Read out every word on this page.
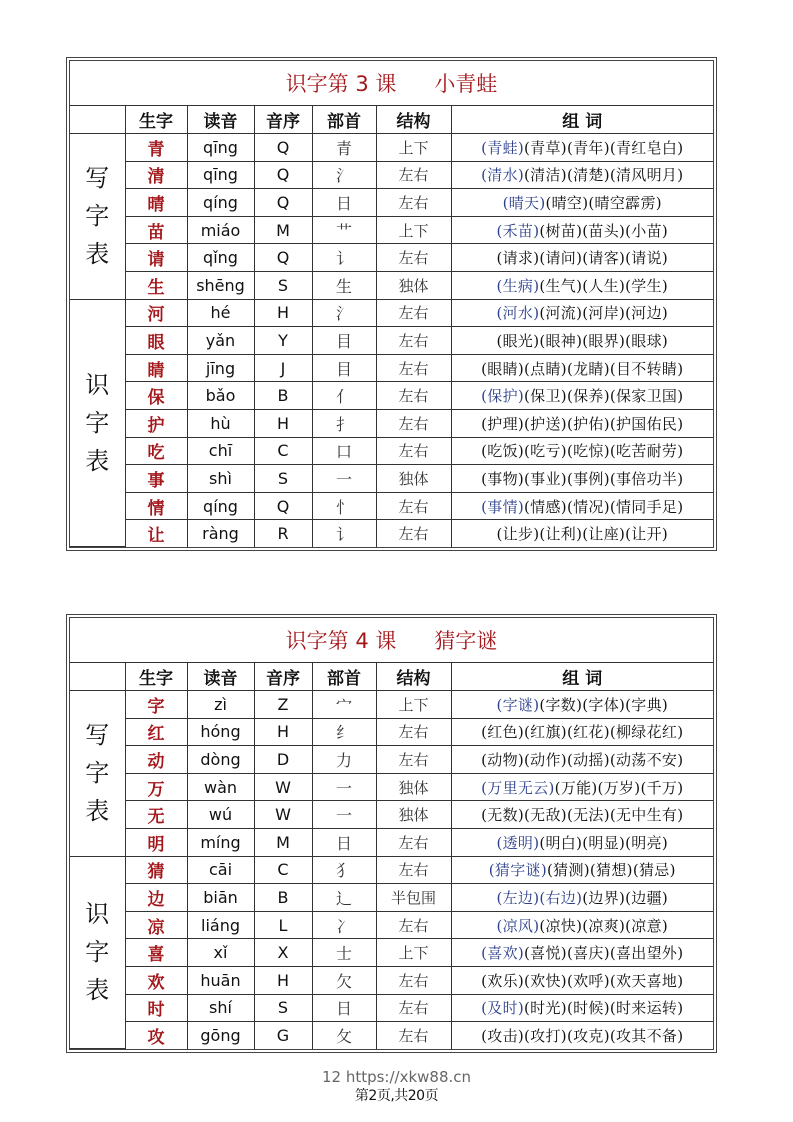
识字第 3 课 小青蛙
	生字	读音	音序	部首	结构	组 词

写
字
表	青	qīng	Q	青	上下	(青蛙)(青草)(青年)(青红皂白)
	清	qīng	Q	氵	左右	(清水)(清洁)(清楚)(清风明月)
	晴	qíng	Q	日	左右	(晴天)(晴空)(晴空霹雳)
	苗	miáo	M	艹	上下	(禾苗)(树苗)(苗头)(小苗)
	请	qǐng	Q	讠	左右	(请求)(请问)(请客)(请说)
	生	shēng	S	生	独体	(生病)(生气)(人生)(学生)

识
字
表	河	hé	H	氵	左右	(河水)(河流)(河岸)(河边)
	眼	yǎn	Y	目	左右	(眼光)(眼神)(眼界)(眼球)
	睛	jīng	J	目	左右	(眼睛)(点睛)(龙睛)(目不转睛)
	保	bǎo	B	亻	左右	(保护)(保卫)(保养)(保家卫国)
	护	hù	H	扌	左右	(护理)(护送)(护佑)(护国佑民)
	吃	chī	C	口	左右	(吃饭)(吃亏)(吃惊)(吃苦耐劳)
	事	shì	S	一	独体	(事物)(事业)(事例)(事倍功半)
	情	qíng	Q	忄	左右	(事情)(情感)(情况)(情同手足)
	让	ràng	R	讠	左右	(让步)(让利)(让座)(让开)
识字第 4 课 猜字谜
	生字	读音	音序	部首	结构	组 词

写
字
表	字	zì	Z	宀	上下	(字谜)(字数)(字体)(字典)
	红	hóng	H	纟	左右	(红色)(红旗)(红花)(柳绿花红)
	动	dòng	D	力	左右	(动物)(动作)(动摇)(动荡不安)
	万	wàn	W	一	独体	(万里无云)(万能)(万岁)(千万)
	无	wú	W	一	独体	(无数)(无敌)(无法)(无中生有)
	明	míng	M	日	左右	(透明)(明白)(明显)(明亮)

识
字
表	猜	cāi	C	犭	左右	(猜字谜)(猜测)(猜想)(猜忌)
	边	biān	B	辶	半包围	(左边)(右边)(边界)(边疆)
	凉	liáng	L	冫	左右	(凉风)(凉快)(凉爽)(凉意)
	喜	xǐ	X	士	上下	(喜欢)(喜悦)(喜庆)(喜出望外)
	欢	huān	H	欠	左右	(欢乐)(欢快)(欢呼)(欢天喜地)
	时	shí	S	日	左右	(及时)(时光)(时候)(时来运转)
	攻	gōng	G	攵	左右	(攻击)(攻打)(攻克)(攻其不备)
12 https://xkw88.cn
第2页,共20页
